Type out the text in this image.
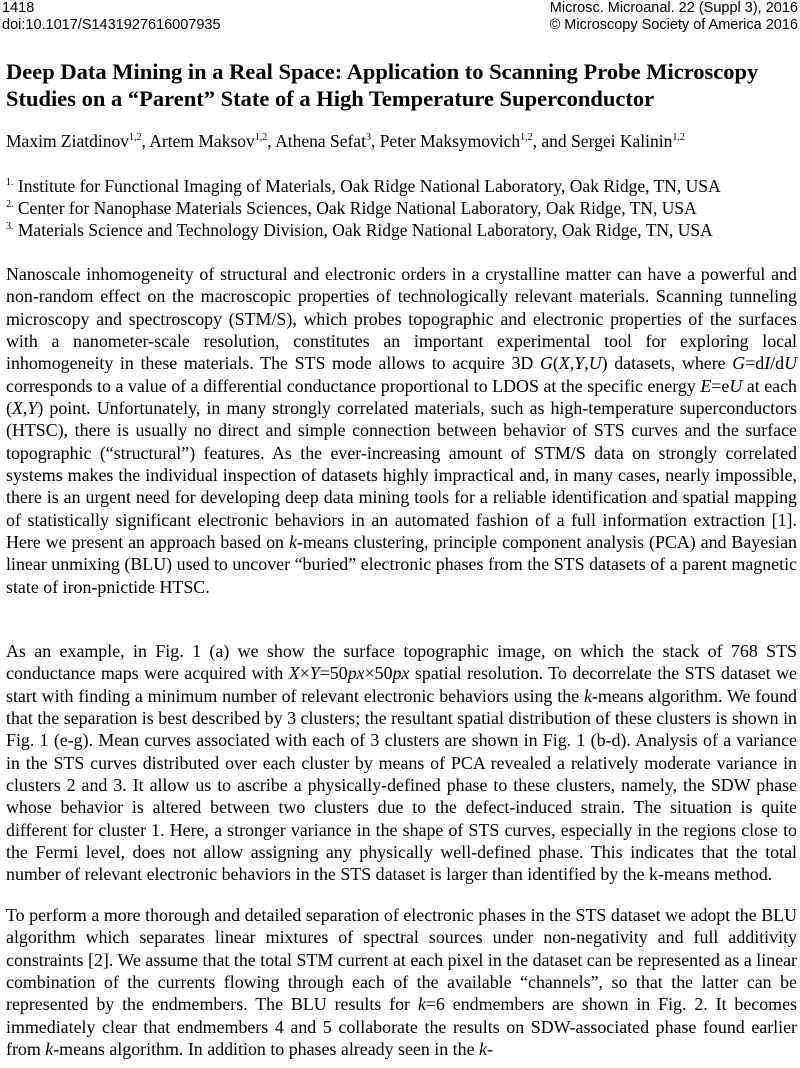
1418
doi:10.1017/S1431927616007935
Microsc. Microanal. 22 (Suppl 3), 2016
© Microscopy Society of America 2016
Deep Data Mining in a Real Space: Application to Scanning Probe Microscopy Studies on a “Parent” State of a High Temperature Superconductor
Maxim Ziatdinov$^{1,2}$, Artem Maksov$^{1,2}$, Athena Sefat$^3$, Peter Maksymovich$^{1,2}$, and Sergei Kalinin$^{1,2}$
$^{1.}$ Institute for Functional Imaging of Materials, Oak Ridge National Laboratory, Oak Ridge, TN, USA
$^{2.}$ Center for Nanophase Materials Sciences, Oak Ridge National Laboratory, Oak Ridge, TN, USA
$^{3.}$ Materials Science and Technology Division, Oak Ridge National Laboratory, Oak Ridge, TN, USA

Nanoscale inhomogeneity of structural and electronic orders in a crystalline matter can have a powerful and non-random effect on the macroscopic properties of technologically relevant materials. Scanning tunneling microscopy and spectroscopy (STM/S), which probes topographic and electronic properties of the surfaces with a nanometer-scale resolution, constitutes an important experimental tool for exploring local inhomogeneity in these materials. The STS mode allows to acquire 3D G(X,Y,U) datasets, where G=dI/dU corresponds to a value of a differential conductance proportional to LDOS at the specific energy E=eU at each (X,Y) point. Unfortunately, in many strongly correlated materials, such as high-temperature superconductors (HTSC), there is usually no direct and simple connection between behavior of STS curves and the surface topographic (“structural”) features. As the ever-increasing amount of STM/S data on strongly correlated systems makes the individual inspection of datasets highly impractical and, in many cases, nearly impossible, there is an urgent need for developing deep data mining tools for a reliable identification and spatial mapping of statistically significant electronic behaviors in an automated fashion of a full information extraction [1]. Here we present an approach based on k-means clustering, principle component analysis (PCA) and Bayesian linear unmixing (BLU) used to uncover “buried” electronic phases from the STS datasets of a parent magnetic state of iron-pnictide HTSC.

As an example, in Fig. 1 (a) we show the surface topographic image, on which the stack of 768 STS conductance maps were acquired with X×Y=50px×50px spatial resolution. To decorrelate the STS dataset we start with finding a minimum number of relevant electronic behaviors using the k-means algorithm. We found that the separation is best described by 3 clusters; the resultant spatial distribution of these clusters is shown in Fig. 1 (e-g). Mean curves associated with each of 3 clusters are shown in Fig. 1 (b-d). Analysis of a variance in the STS curves distributed over each cluster by means of PCA revealed a relatively moderate variance in clusters 2 and 3. It allow us to ascribe a physically-defined phase to these clusters, namely, the SDW phase whose behavior is altered between two clusters due to the defect-induced strain. The situation is quite different for cluster 1. Here, a stronger variance in the shape of STS curves, especially in the regions close to the Fermi level, does not allow assigning any physically well-defined phase. This indicates that the total number of relevant electronic behaviors in the STS dataset is larger than identified by the k-means method.

To perform a more thorough and detailed separation of electronic phases in the STS dataset we adopt the BLU algorithm which separates linear mixtures of spectral sources under non-negativity and full additivity constraints [2]. We assume that the total STM current at each pixel in the dataset can be represented as a linear combination of the currents flowing through each of the available “channels”, so that the latter can be represented by the endmembers. The BLU results for k=6 endmembers are shown in Fig. 2. It becomes immediately clear that endmembers 4 and 5 collaborate the results on SDW-associated phase found earlier from k-means algorithm. In addition to phases already seen in the k-
